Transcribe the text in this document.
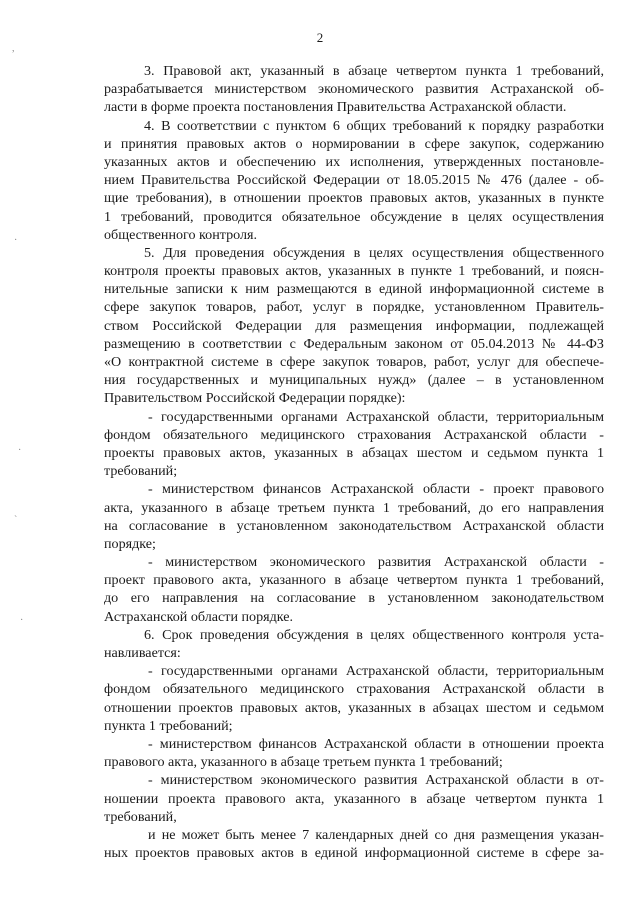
2
,
·
·
`
·
3. Правовой акт, указанный в абзаце четвертом пункта 1 требований,
разрабатывается министерством экономического развития Астраханской об-
ласти в форме проекта постановления Правительства Астраханской области.
4. В соответствии с пунктом 6 общих требований к порядку разработки
и принятия правовых актов о нормировании в сфере закупок, содержанию
указанных актов и обеспечению их исполнения, утвержденных постановле-
нием Правительства Российской Федерации от 18.05.2015 № 476 (далее - об-
щие требования), в отношении проектов правовых актов, указанных в пункте
1 требований, проводится обязательное обсуждение в целях осуществления
общественного контроля.
5. Для проведения обсуждения в целях осуществления общественного
контроля проекты правовых актов, указанных в пункте 1 требований, и поясн-
нительные записки к ним размещаются в единой информационной системе в
сфере закупок товаров, работ, услуг в порядке, установленном Правитель-
ством Российской Федерации для размещения информации, подлежащей
размещению в соответствии с Федеральным законом от 05.04.2013 № 44-ФЗ
«О контрактной системе в сфере закупок товаров, работ, услуг для обеспече-
ния государственных и муниципальных нужд» (далее – в установленном
Правительством Российской Федерации порядке):
- государственными органами Астраханской области, территориальным
фондом обязательного медицинского страхования Астраханской области -
проекты правовых актов, указанных в абзацах шестом и седьмом пункта 1
требований;
- министерством финансов Астраханской области - проект правового
акта, указанного в абзаце третьем пункта 1 требований, до его направления
на согласование в установленном законодательством Астраханской области
порядке;
- министерством экономического развития Астраханской области -
проект правового акта, указанного в абзаце четвертом пункта 1 требований,
до его направления на согласование в установленном законодательством
Астраханской области порядке.
6. Срок проведения обсуждения в целях общественного контроля уста-
навливается:
- государственными органами Астраханской области, территориальным
фондом обязательного медицинского страхования Астраханской области в
отношении проектов правовых актов, указанных в абзацах шестом и седьмом
пункта 1 требований;
- министерством финансов Астраханской области в отношении проекта
правового акта, указанного в абзаце третьем пункта 1 требований;
- министерством экономического развития Астраханской области в от-
ношении проекта правового акта, указанного в абзаце четвертом пункта 1
требований,
и не может быть менее 7 календарных дней со дня размещения указан-
ных проектов правовых актов в единой информационной системе в сфере за-
